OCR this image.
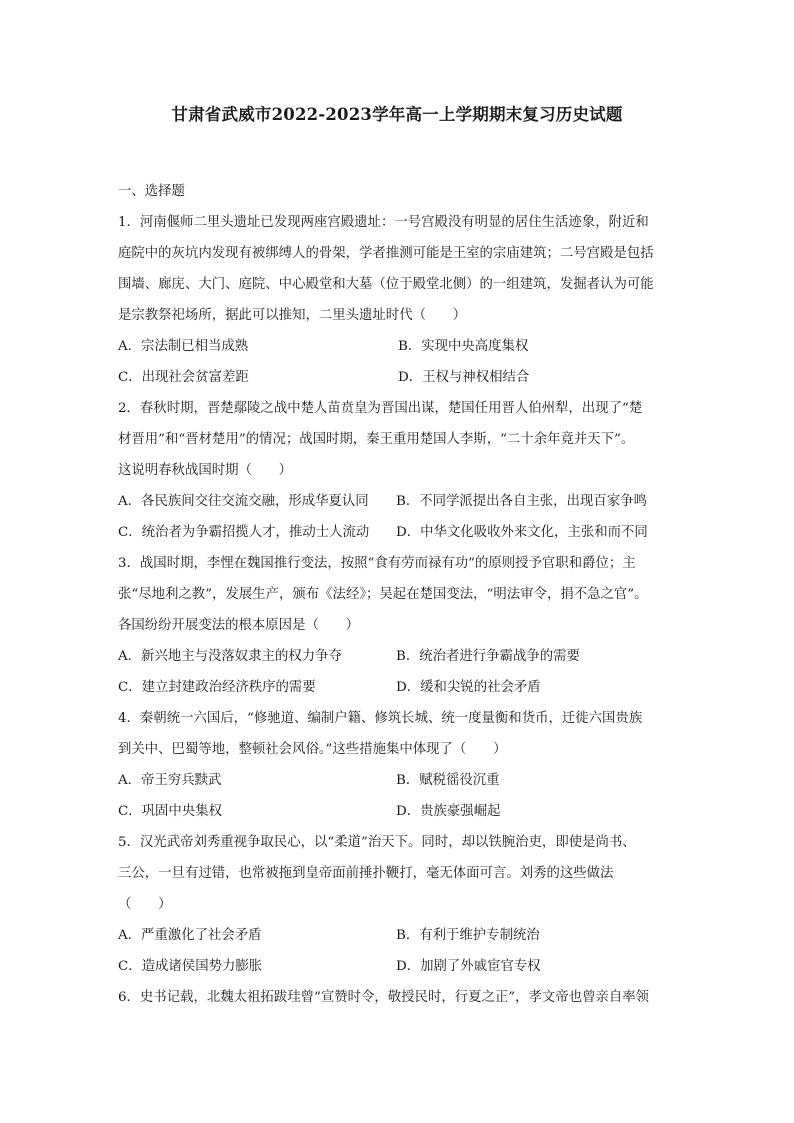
甘肃省武威市2022-2023学年高一上学期期末复习历史试题
一、选择题
1．河南偃师二里头遗址已发现两座宫殿遗址：一号宫殿没有明显的居住生活迹象，附近和
庭院中的灰坑内发现有被绑缚人的骨架，学者推测可能是王室的宗庙建筑；二号宫殿是包括
围墙、廊庑、大门、庭院、中心殿堂和大墓（位于殿堂北侧）的一组建筑，发掘者认为可能
是宗教祭祀场所，据此可以推知，二里头遗址时代（　　）
A．宗法制已相当成熟	B．实现中央高度集权
C．出现社会贫富差距	D．王权与神权相结合
2．春秋时期，晋楚鄢陵之战中楚人苗贲皇为晋国出谋，楚国任用晋人伯州犁，出现了“楚
材晋用”和“晋材楚用”的情况；战国时期，秦王重用楚国人李斯，“二十余年竟并天下”。
这说明春秋战国时期（　　）
A．各民族间交往交流交融，形成华夏认同 B．不同学派提出各自主张，出现百家争鸣
C．统治者为争霸招揽人才，推动士人流动 D．中华文化吸收外来文化，主张和而不同
3．战国时期，李悝在魏国推行变法，按照“食有劳而禄有功”的原则授予官职和爵位；主
张“尽地利之教”，发展生产，颁布《法经》；吴起在楚国变法，“明法审令，捐不急之官”。
各国纷纷开展变法的根本原因是（　　）
A．新兴地主与没落奴隶主的权力争夺	B．统治者进行争霸战争的需要
C．建立封建政治经济秩序的需要	D．缓和尖锐的社会矛盾
4．秦朝统一六国后，“修驰道、编制户籍、修筑长城、统一度量衡和货币，迁徙六国贵族
到关中、巴蜀等地，整顿社会风俗。”这些措施集中体现了（　　）
A．帝王穷兵黩武	B．赋税徭役沉重
C．巩固中央集权	D．贵族豪强崛起
5．汉光武帝刘秀重视争取民心，以“柔道”治天下。同时，却以铁腕治吏，即使是尚书、
三公，一旦有过错，也常被拖到皇帝面前捶扑鞭打，毫无体面可言。刘秀的这些做法
（　　）
A．严重激化了社会矛盾	B．有利于维护专制统治
C．造成诸侯国势力膨胀	D．加剧了外戚宦官专权
6．史书记载，北魏太祖拓跋珪曾“宣赞时令，敬授民时，行夏之正”，孝文帝也曾亲自率领
